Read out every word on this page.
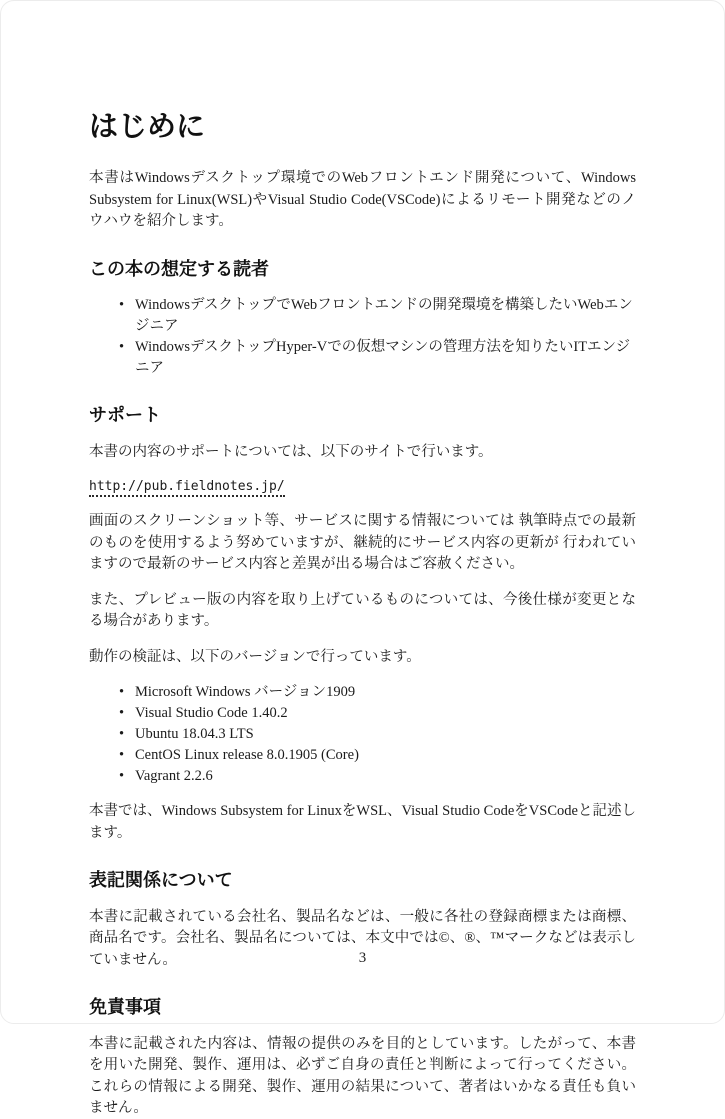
はじめに

本書はWindowsデスクトップ環境でのWebフロントエンド開発について、Windows Subsystem for Linux(WSL)やVisual Studio Code(VSCode)によるリモート開発などのノウハウを紹介します。

この本の想定する読者
• WindowsデスクトップでWebフロントエンドの開発環境を構築したいWebエンジニア
• WindowsデスクトップHyper-Vでの仮想マシンの管理方法を知りたいITエンジニア
サポート

本書の内容のサポートについては、以下のサイトで行います。

http://pub.fieldnotes.jp/

画面のスクリーンショット等、サービスに関する情報については 執筆時点での最新のものを使用するよう努めていますが、継続的にサービス内容の更新が 行われていますので最新のサービス内容と差異が出る場合はご容赦ください。

また、プレビュー版の内容を取り上げているものについては、今後仕様が変更となる場合があります。

動作の検証は、以下のバージョンで行っています。

• Microsoft Windows バージョン1909
• Visual Studio Code 1.40.2
• Ubuntu 18.04.3 LTS
• CentOS Linux release 8.0.1905 (Core)
• Vagrant 2.2.6

本書では、Windows Subsystem for LinuxをWSL、Visual Studio CodeをVSCodeと記述します。

表記関係について

本書に記載されている会社名、製品名などは、一般に各社の登録商標または商標、商品名です。会社名、製品名については、本文中では©、®、™マークなどは表示していません。

免責事項

本書に記載された内容は、情報の提供のみを目的としています。したがって、本書を用いた開発、製作、運用は、必ずご自身の責任と判断によって行ってください。これらの情報による開発、製作、運用の結果について、著者はいかなる責任も負いません。

3
